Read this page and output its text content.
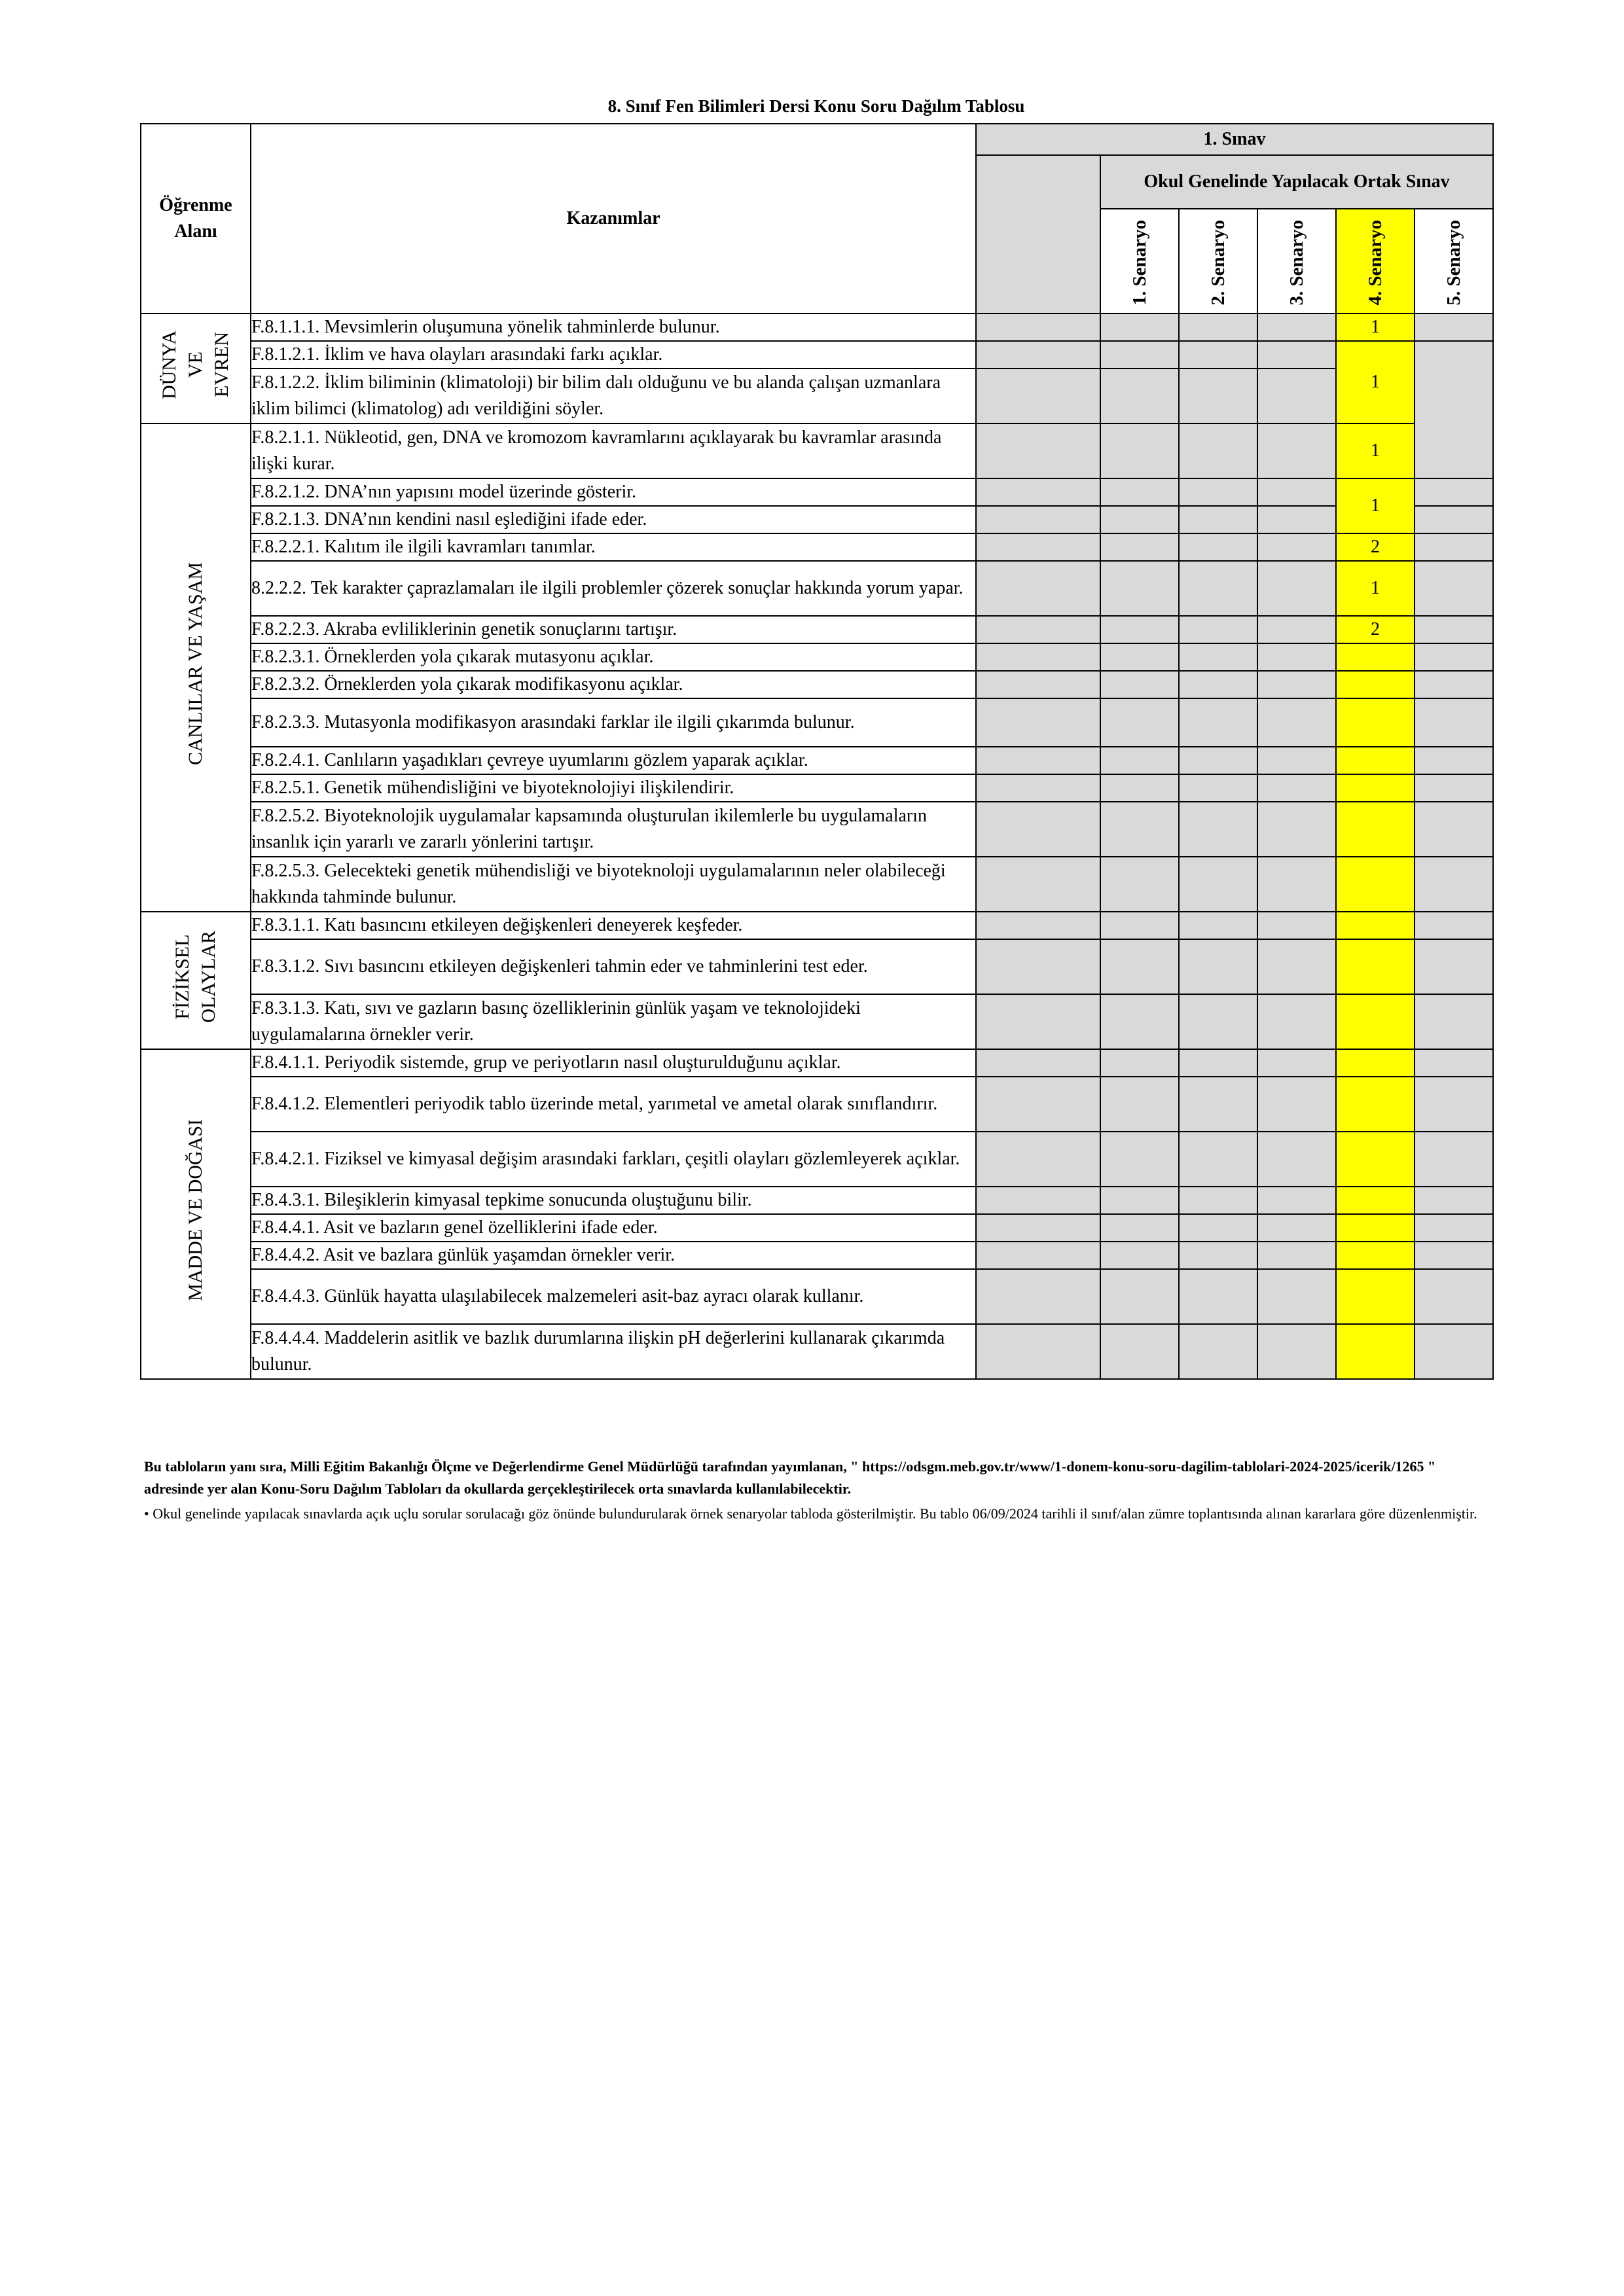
8. Sınıf Fen Bilimleri Dersi Konu Soru Dağılım Tablosu
Öğrenme Alanı	Kazanımlar	1. Sınav					
			Okul Genelinde Yapılacak Ortak Sınav				
			1. Senaryo	2. Senaryo	3. Senaryo	4. Senaryo	5. Senaryo

DÜNYA VE EVREN	F.8.1.1.1. Mevsimlerin oluşumuna yönelik tahminlerde bulunur.					1	
	F.8.1.2.1. İklim ve hava olayları arasındaki farkı açıklar.					1	
	F.8.1.2.2. İklim biliminin (klimatoloji) bir bilim dalı olduğunu ve bu alanda çalışan uzmanlara iklim bilimci (klimatolog) adı verildiğini söyler.						

CANLILAR VE YAŞAM	F.8.2.1.1. Nükleotid, gen, DNA ve kromozom kavramlarını açıklayarak bu kavramlar arasında ilişki kurar.					1	
	F.8.2.1.2. DNA’nın yapısını model üzerinde gösterir.					1	
	F.8.2.1.3. DNA’nın kendini nasıl eşlediğini ifade eder.						
	F.8.2.2.1. Kalıtım ile ilgili kavramları tanımlar.					2	
	8.2.2.2. Tek karakter çaprazlamaları ile ilgili problemler çözerek sonuçlar hakkında yorum yapar.					1	
	F.8.2.2.3. Akraba evliliklerinin genetik sonuçlarını tartışır.					2	
	F.8.2.3.1. Örneklerden yola çıkarak mutasyonu açıklar.						
	F.8.2.3.2. Örneklerden yola çıkarak modifikasyonu açıklar.						
	F.8.2.3.3. Mutasyonla modifikasyon arasındaki farklar ile ilgili çıkarımda bulunur.						
	F.8.2.4.1. Canlıların yaşadıkları çevreye uyumlarını gözlem yaparak açıklar.						
	F.8.2.5.1. Genetik mühendisliğini ve biyoteknolojiyi ilişkilendirir.						
	F.8.2.5.2. Biyoteknolojik uygulamalar kapsamında oluşturulan ikilemlerle bu uygulamaların insanlık için yararlı ve zararlı yönlerini tartışır.						
	F.8.2.5.3. Gelecekteki genetik mühendisliği ve biyoteknoloji uygulamalarının neler olabileceği hakkında tahminde bulunur.						

FİZİKSEL OLAYLAR	F.8.3.1.1. Katı basıncını etkileyen değişkenleri deneyerek keşfeder.						
	F.8.3.1.2. Sıvı basıncını etkileyen değişkenleri tahmin eder ve tahminlerini test eder.						
	F.8.3.1.3. Katı, sıvı ve gazların basınç özelliklerinin günlük yaşam ve teknolojideki uygulamalarına örnekler verir.						

MADDE VE DOĞASI	F.8.4.1.1. Periyodik sistemde, grup ve periyotların nasıl oluşturulduğunu açıklar.						
	F.8.4.1.2. Elementleri periyodik tablo üzerinde metal, yarımetal ve ametal olarak sınıflandırır.						
	F.8.4.2.1. Fiziksel ve kimyasal değişim arasındaki farkları, çeşitli olayları gözlemleyerek açıklar.						
	F.8.4.3.1. Bileşiklerin kimyasal tepkime sonucunda oluştuğunu bilir.						
	F.8.4.4.1. Asit ve bazların genel özelliklerini ifade eder.						
	F.8.4.4.2. Asit ve bazlara günlük yaşamdan örnekler verir.						
	F.8.4.4.3. Günlük hayatta ulaşılabilecek malzemeleri asit-baz ayracı olarak kullanır.						
	F.8.4.4.4. Maddelerin asitlik ve bazlık durumlarına ilişkin pH değerlerini kullanarak çıkarımda bulunur.						
Bu tabloların yanı sıra, Milli Eğitim Bakanlığı Ölçme ve Değerlendirme Genel Müdürlüğü tarafından yayımlanan, " https://odsgm.meb.gov.tr/www/1-donem-konu-soru-dagilim-tablolari-2024-2025/icerik/1265 " adresinde yer alan Konu-Soru Dağılım Tabloları da okullarda gerçekleştirilecek orta sınavlarda kullanılabilecektir.
• Okul genelinde yapılacak sınavlarda açık uçlu sorular sorulacağı göz önünde bulundurularak örnek senaryolar tabloda gösterilmiştir. Bu tablo 06/09/2024 tarihli il sınıf/alan zümre toplantısında alınan kararlara göre düzenlenmiştir.
